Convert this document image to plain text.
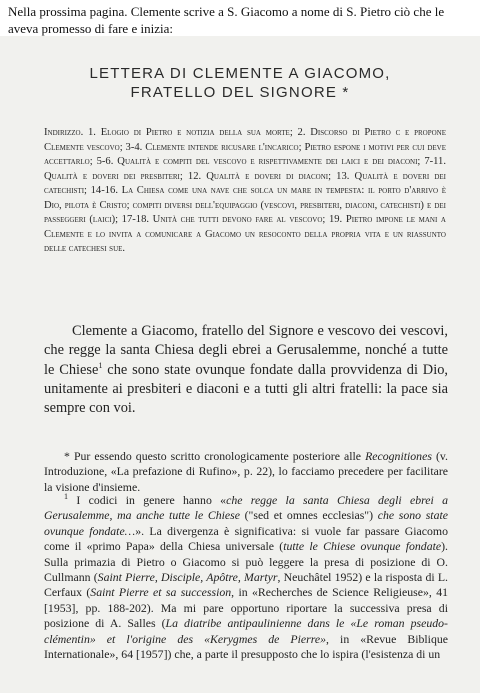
Nella prossima pagina. Clemente scrive a S. Giacomo a nome di S. Pietro ciò che le aveva promesso di fare e inizia:
LETTERA DI CLEMENTE A GIACOMO,
FRATELLO DEL SIGNORE *
Indirizzo. 1. Elogio di Pietro e notizia della sua morte; 2. Discorso di Pietro c e propone Clemente vescovo; 3-4. Clemente intende ricusare l'incarico; Pietro espone i motivi per cui deve accettarlo; 5-6. Qualità e compiti del vescovo e rispettivamente dei laici e dei diaconi; 7-11. Qualità e doveri dei presbiteri; 12. Qualità e doveri di diaconi; 13. Qualità e doveri dei catechisti; 14-16. La Chiesa come una nave che solca un mare in tempesta: il porto d'arrivo è Dio, pilota è Cristo; compiti diversi dell'equipaggio (vescovi, presbiteri, diaconi, catechisti) e dei passeggeri (laici); 17-18. Unità che tutti devono fare al vescovo; 19. Pietro impone le mani a Clemente e lo invita a comunicare a Giacomo un resoconto della propria vita e un riassunto delle catechesi sue.
Clemente a Giacomo, fratello del Signore e vescovo dei vescovi, che regge la santa Chiesa degli ebrei a Gerusalemme, nonché a tutte le Chiese$^1$ che sono state ovunque fondate dalla provvidenza di Dio, unitamente ai presbiteri e diaconi e a tutti gli altri fratelli: la pace sia sempre con voi.
* Pur essendo questo scritto cronologicamente posteriore alle Recognitiones (v. Introduzione, «La prefazione di Rufino», p. 22), lo facciamo precedere per facilitare la visione d'insieme.
$^1$ I codici in genere hanno «che regge la santa Chiesa degli ebrei a Gerusalemme, ma anche tutte le Chiese ("sed et omnes ecclesias") che sono state ovunque fondate…». La divergenza è significativa: si vuole far passare Giacomo come il «primo Papa» della Chiesa universale (tutte le Chiese ovunque fondate). Sulla primazia di Pietro o Giacomo si può leggere la presa di posizione di O. Cullmann (Saint Pierre, Disciple, Apôtre, Martyr, Neuchâtel 1952) e la risposta di L. Cerfaux (Saint Pierre et sa succession, in «Recherches de Science Religieuse», 41 [1953], pp. 188-202). Ma mi pare opportuno riportare la successiva presa di posizione di A. Salles (La diatribe antipaulinienne dans le «Le roman pseudo-clémentin» et l'origine des «Kerygmes de Pierre», in «Revue Biblique Internationale», 64 [1957]) che, a parte il presupposto che lo ispira (l'esistenza di un
